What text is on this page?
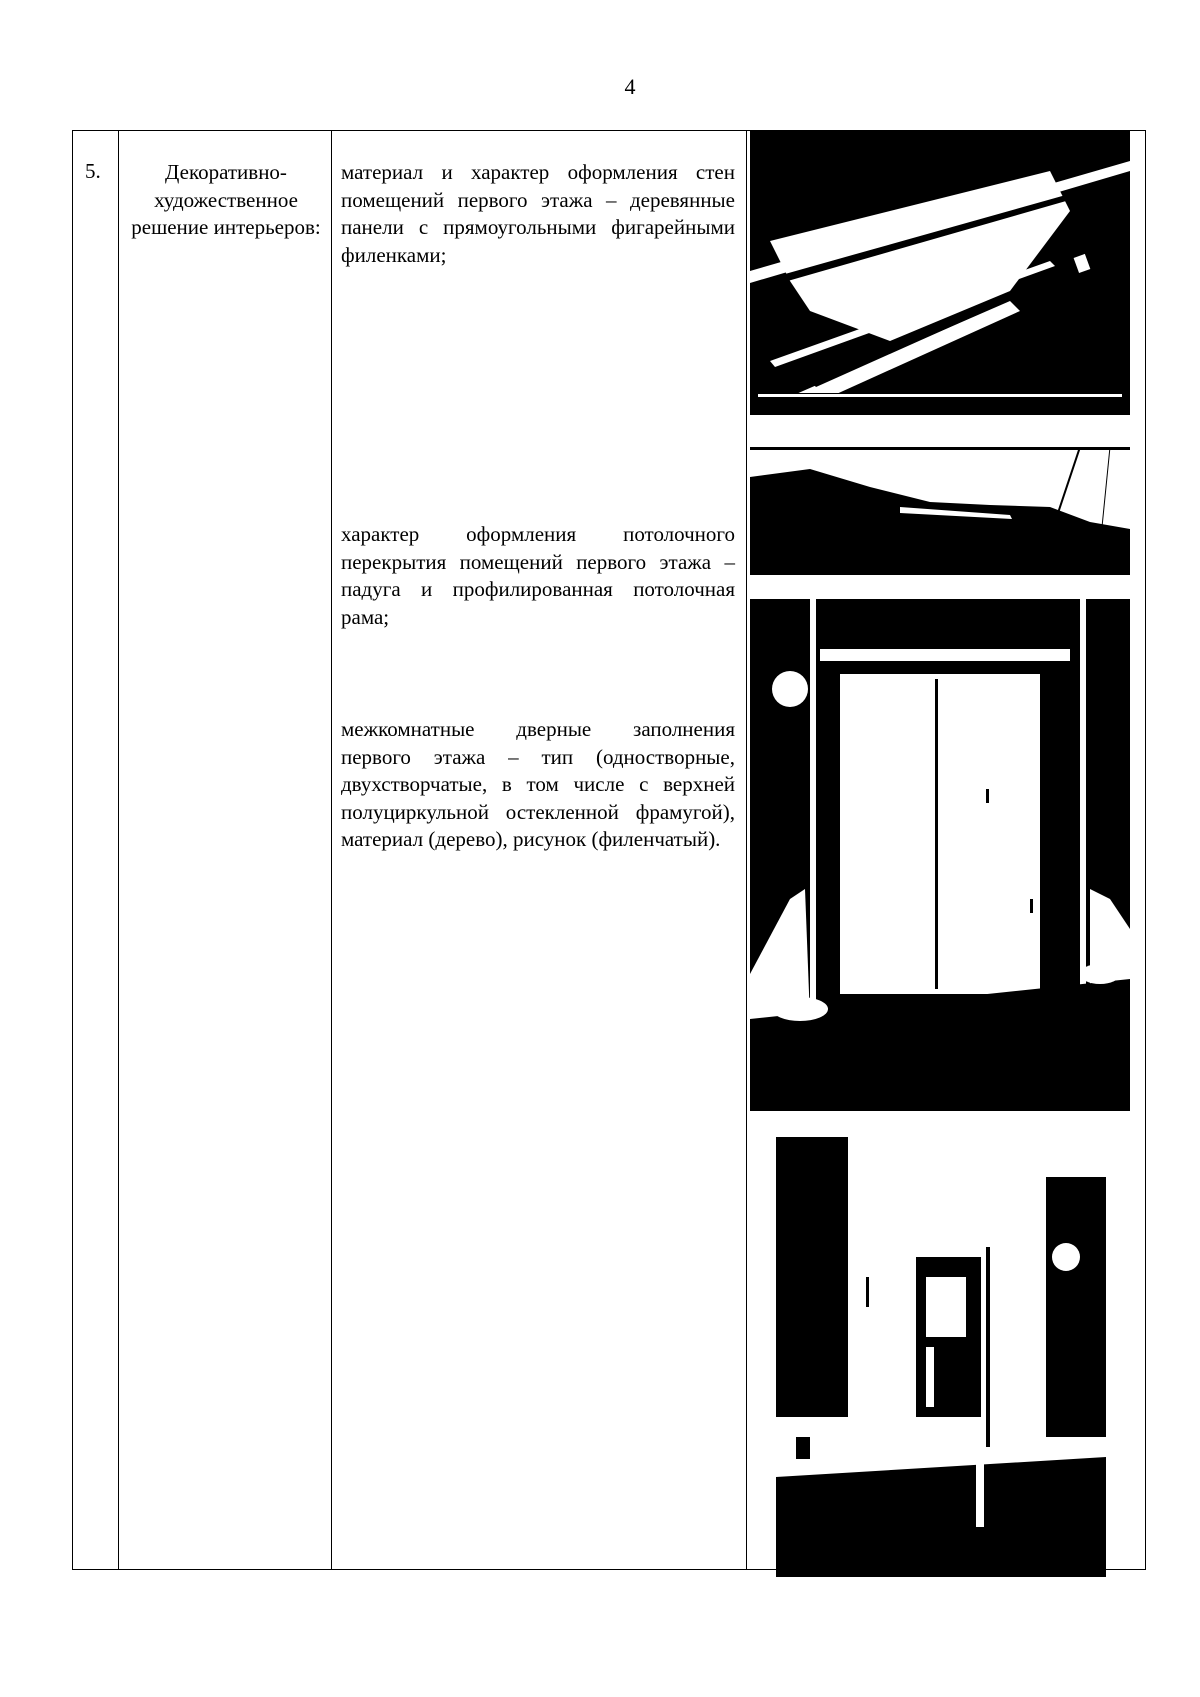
4
5.	Декоративно-художественное решение интерьеров:
материал и характер оформления стен помещений первого этажа – деревянные панели с прямоугольными фигарейными филенками;
характер оформления потолочного перекрытия помещений первого этажа – падуга и профилированная потолочная рама;
межкомнатные дверные заполнения первого этажа – тип (одностворные, двухстворчатые, в том числе с верхней полуциркульной остекленной фрамугой), материал (дерево), рисунок (филенчатый).
